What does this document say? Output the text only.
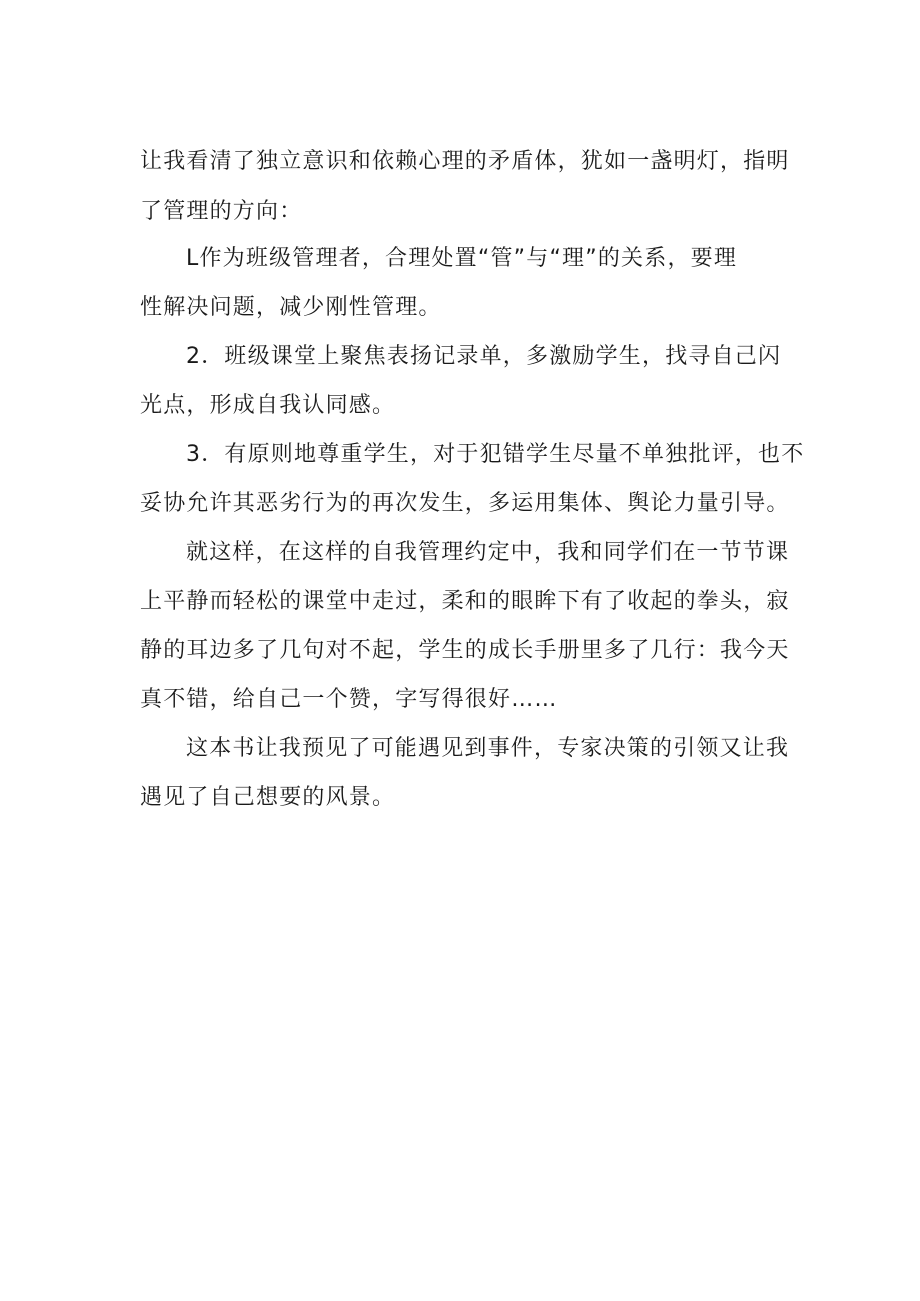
让我看清了独立意识和依赖心理的矛盾体，犹如一盏明灯，指明
了管理的方向：
L作为班级管理者，合理处置“管”与“理”的关系，要理
性解决问题，减少刚性管理。
2．班级课堂上聚焦表扬记录单，多激励学生，找寻自己闪
光点，形成自我认同感。
3．有原则地尊重学生，对于犯错学生尽量不单独批评，也不
妥协允许其恶劣行为的再次发生，多运用集体、舆论力量引导。
就这样，在这样的自我管理约定中，我和同学们在一节节课
上平静而轻松的课堂中走过，柔和的眼眸下有了收起的拳头，寂
静的耳边多了几句对不起，学生的成长手册里多了几行：我今天
真不错，给自己一个赞，字写得很好……
这本书让我预见了可能遇见到事件，专家决策的引领又让我
遇见了自己想要的风景。
